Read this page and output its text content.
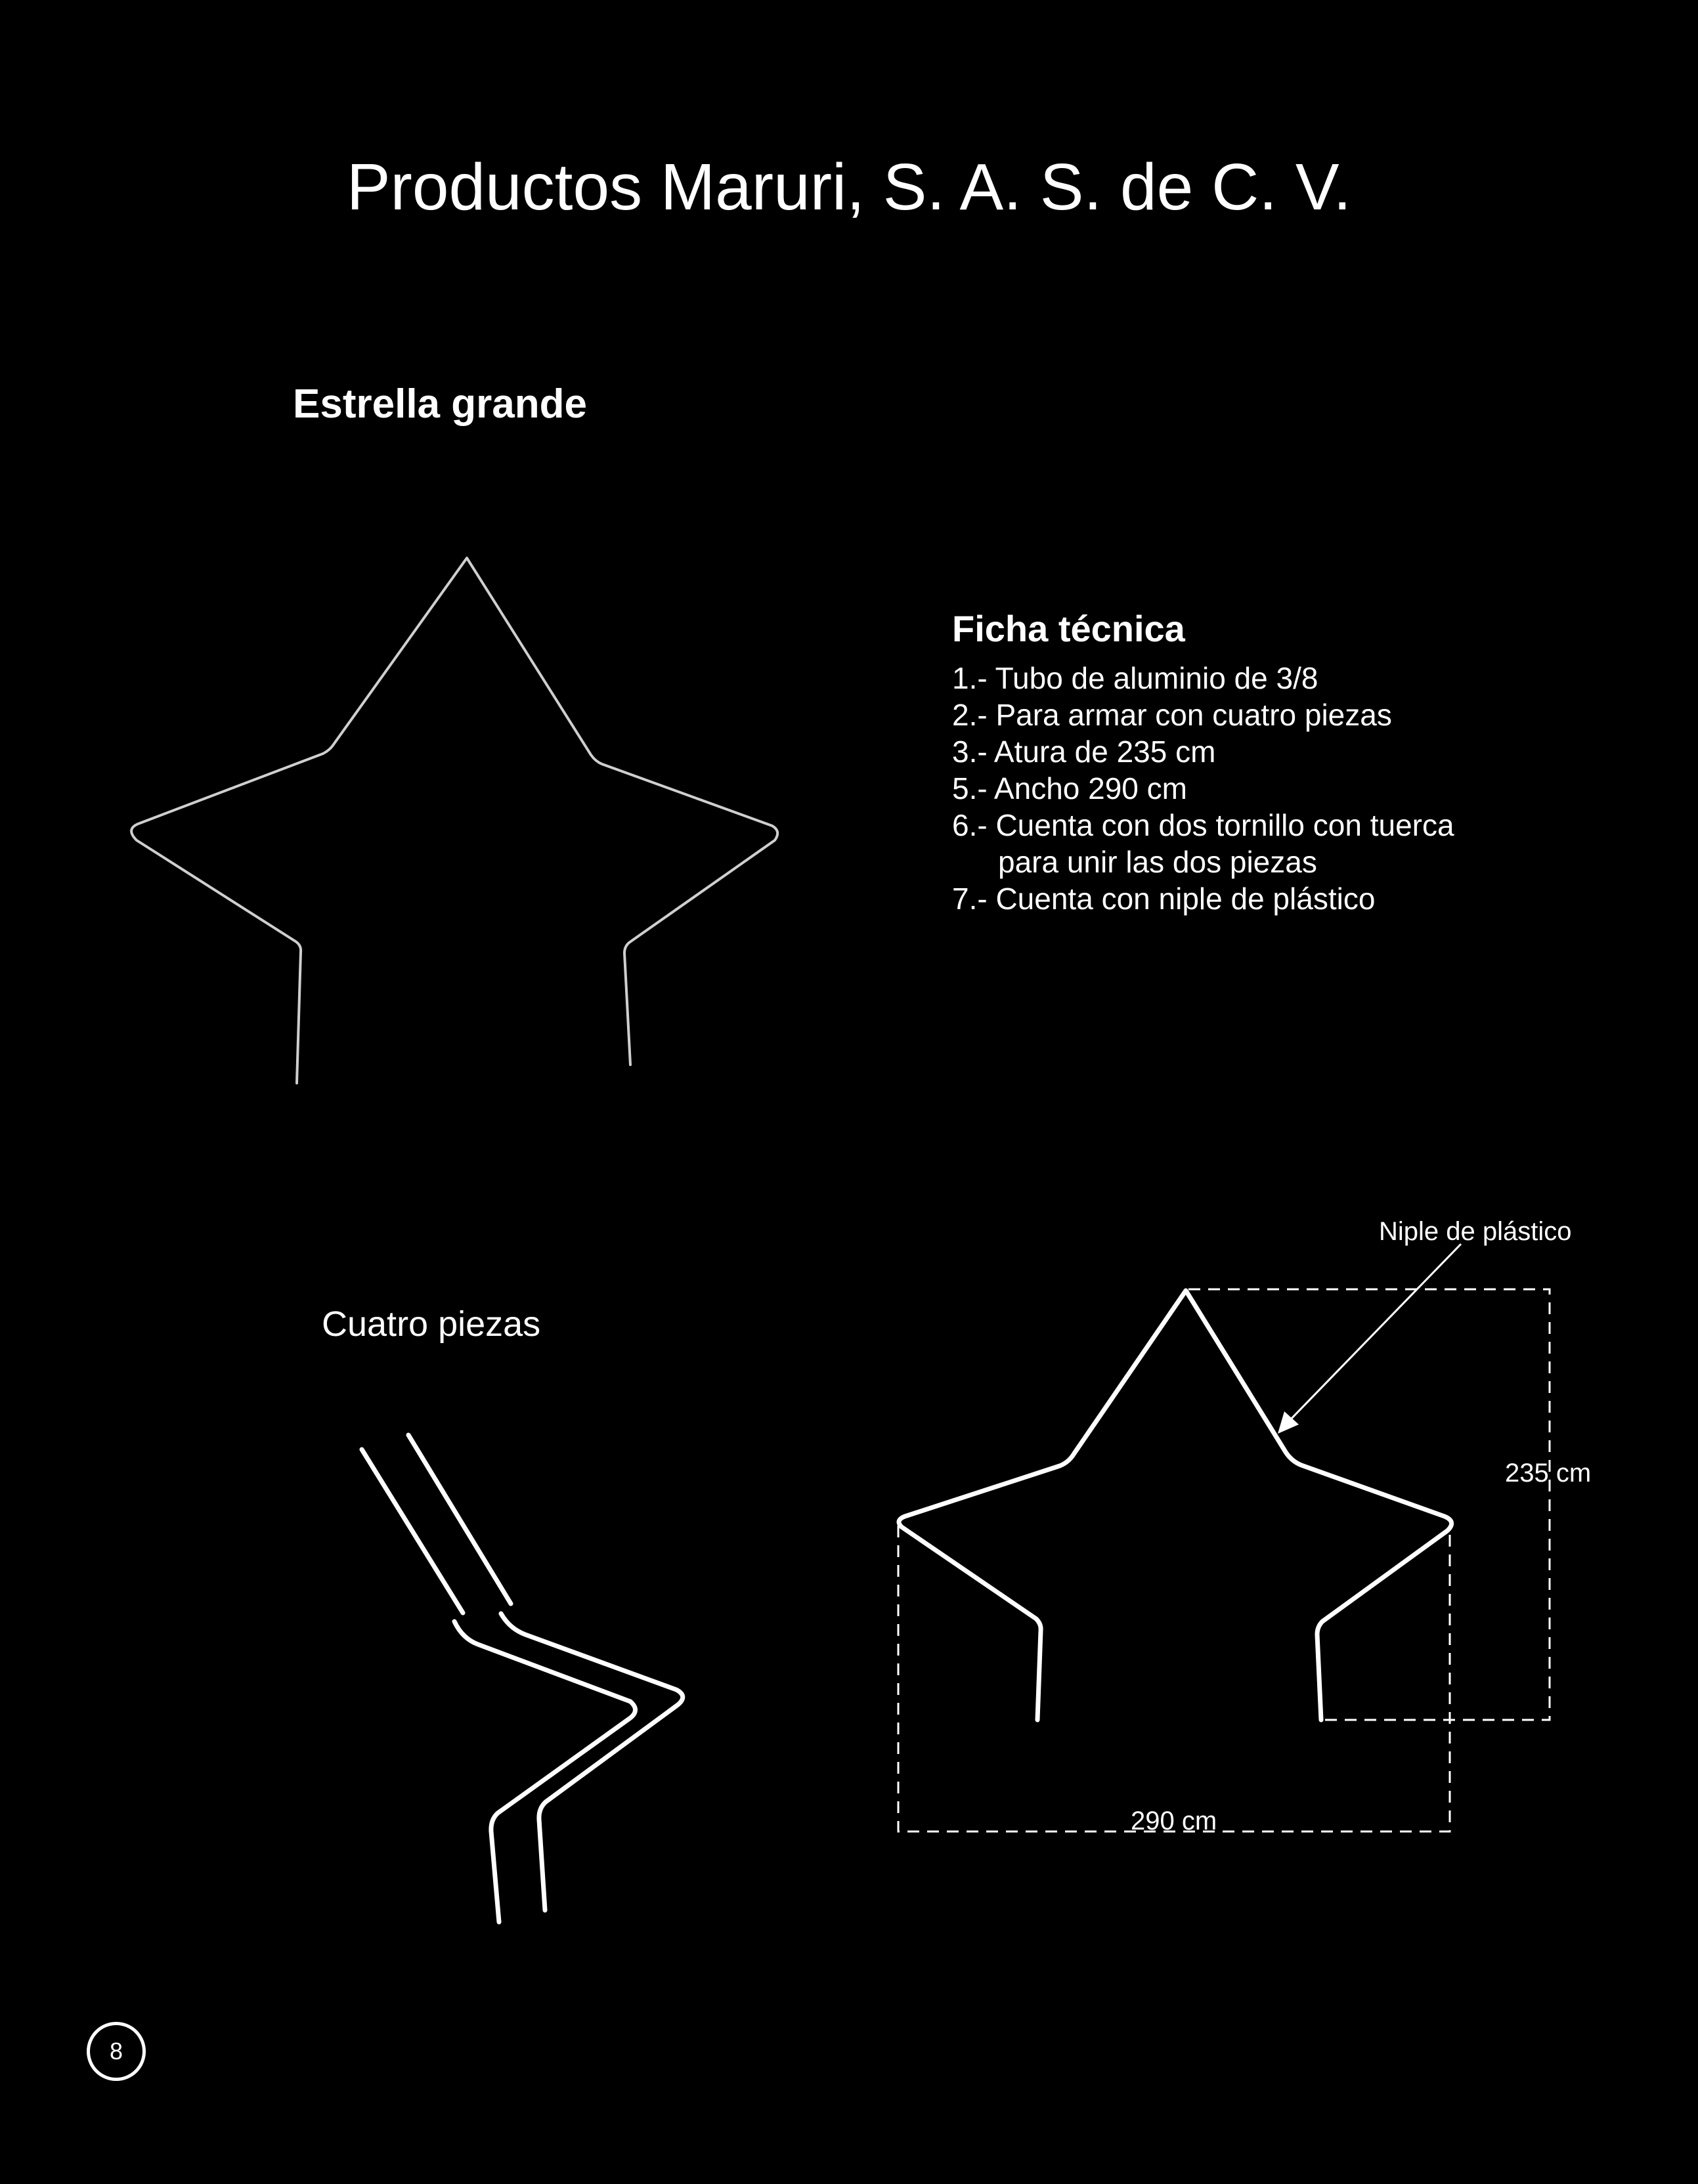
Productos Maruri, S. A. S. de C. V.
Estrella grande
Ficha técnica
1.- Tubo de aluminio de 3/8
2.- Para armar con cuatro piezas
3.- Atura de 235 cm
5.- Ancho 290 cm
6.- Cuenta con dos tornillo con tuerca
para unir las dos piezas
7.- Cuenta con niple de plástico
Cuatro piezas
Niple de plástico
235 cm
290 cm
8
